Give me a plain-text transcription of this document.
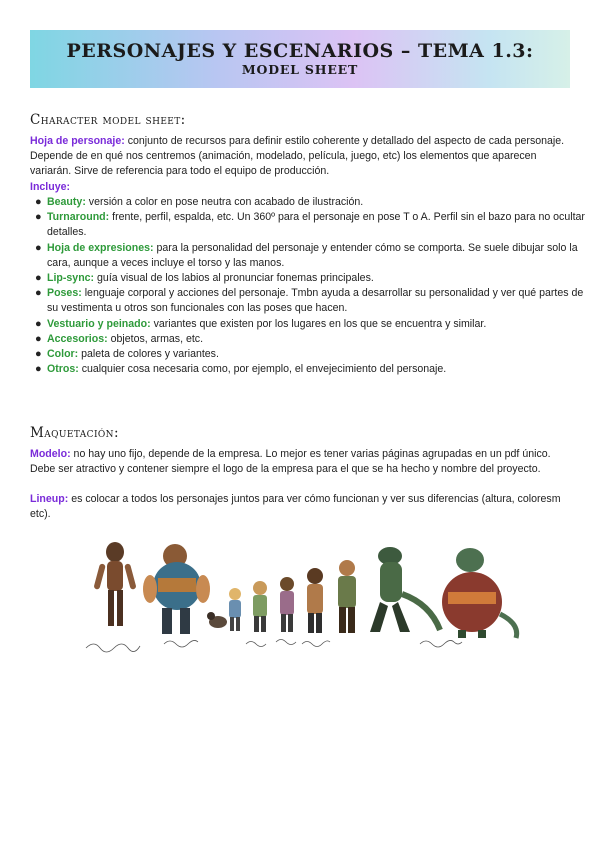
PERSONAJES Y ESCENARIOS – TEMA 1.3:
MODEL SHEET
Character model sheet:
Hoja de personaje: conjunto de recursos para definir estilo coherente y detallado del aspecto de cada personaje. Depende de en qué nos centremos (animación, modelado, película, juego, etc) los elementos que aparecen variarán. Sirve de referencia para todo el equipo de producción.
Incluye:
● Beauty: versión a color en pose neutra con acabado de ilustración.
● Turnaround: frente, perfil, espalda, etc. Un 360º para el personaje en pose T o A. Perfil sin el bazo para no ocultar detalles.
● Hoja de expresiones: para la personalidad del personaje y entender cómo se comporta. Se suele dibujar solo la cara, aunque a veces incluye el torso y las manos.
● Lip-sync: guía visual de los labios al pronunciar fonemas principales.
● Poses: lenguaje corporal y acciones del personaje. Tmbn ayuda a desarrollar su personalidad y ver qué partes de su vestimenta u otros son funcionales con las poses que hacen.
● Vestuario y peinado: variantes que existen por los lugares en los que se encuentra y similar.
● Accesorios: objetos, armas, etc.
● Color: paleta de colores y variantes.
● Otros: cualquier cosa necesaria como, por ejemplo, el envejecimiento del personaje.
Maquetación:
Modelo: no hay uno fijo, depende de la empresa. Lo mejor es tener varias páginas agrupadas en un pdf único. Debe ser atractivo y contener siempre el logo de la empresa para el que se ha hecho y nombre del proyecto.
Lineup: es colocar a todos los personajes juntos para ver cómo funcionan y ver sus diferencias (altura, coloresm etc).
